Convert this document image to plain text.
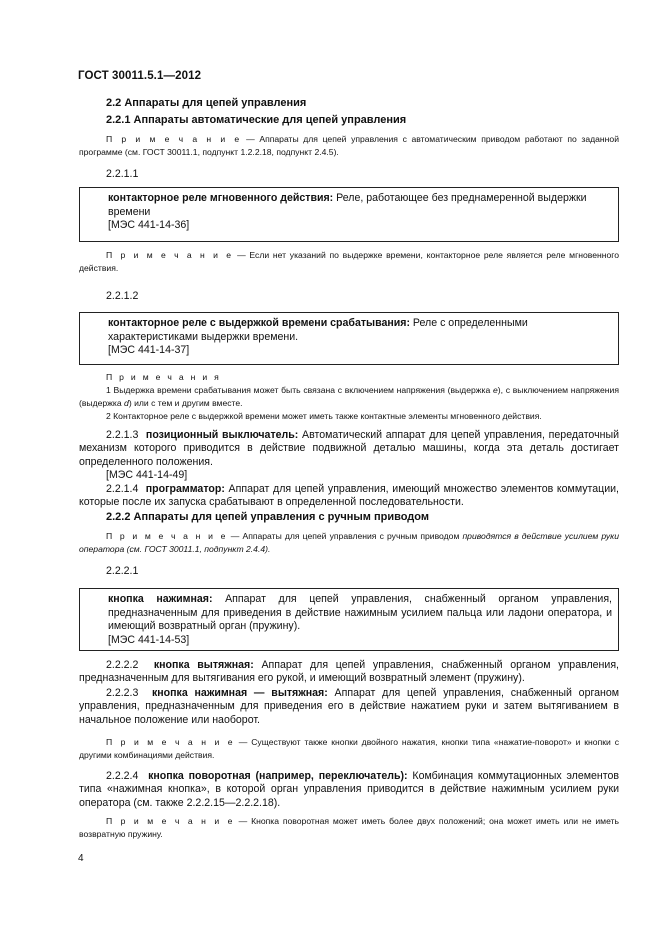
ГОСТ 30011.5.1—2012
2.2 Аппараты для цепей управления
2.2.1 Аппараты автоматические для цепей управления
П р и м е ч а н и е — Аппараты для цепей управления с автоматическим приводом работают по заданной программе (см. ГОСТ 30011.1, подпункт 1.2.2.18, подпункт 2.4.5).
2.2.1.1
контакторное реле мгновенного действия: Реле, работающее без преднамеренной выдержки времени
[МЭС 441-14-36]
П р и м е ч а н и е — Если нет указаний по выдержке времени, контакторное реле является реле мгновенного действия.
2.2.1.2
контакторное реле с выдержкой времени срабатывания: Реле с определенными характеристиками выдержки времени.
[МЭС 441-14-37]
П р и м е ч а н и я
1 Выдержка времени срабатывания может быть связана с включением напряжения (выдержка e), с выключением напряжения (выдержка d) или с тем и другим вместе.
2 Контакторное реле с выдержкой времени может иметь также контактные элементы мгновенного действия.
2.2.1.3 позиционный выключатель: Автоматический аппарат для цепей управления, передаточный механизм которого приводится в действие подвижной деталью машины, когда эта деталь достигает определенного положения.
[МЭС 441-14-49]
2.2.1.4 программатор: Аппарат для цепей управления, имеющий множество элементов коммутации, которые после их запуска срабатывают в определенной последовательности.
2.2.2 Аппараты для цепей управления с ручным приводом
П р и м е ч а н и е — Аппараты для цепей управления с ручным приводом приводятся в действие усилием руки оператора (см. ГОСТ 30011.1, подпункт 2.4.4).
2.2.2.1
кнопка нажимная: Аппарат для цепей управления, снабженный органом управления, предназначенным для приведения в действие нажимным усилием пальца или ладони оператора, и имеющий возвратный орган (пружину).
[МЭС 441-14-53]
2.2.2.2 кнопка вытяжная: Аппарат для цепей управления, снабженный органом управления, предназначенным для вытягивания его рукой, и имеющий возвратный элемент (пружину).
2.2.2.3 кнопка нажимная — вытяжная: Аппарат для цепей управления, снабженный органом управления, предназначенным для приведения его в действие нажатием руки и затем вытягиванием в начальное положение или наоборот.
П р и м е ч а н и е — Существуют также кнопки двойного нажатия, кнопки типа «нажатие-поворот» и кнопки с другими комбинациями действия.
2.2.2.4 кнопка поворотная (например, переключатель): Комбинация коммутационных элементов типа «нажимная кнопка», в которой орган управления приводится в действие нажимным усилием руки оператора (см. также 2.2.2.15—2.2.2.18).
П р и м е ч а н и е — Кнопка поворотная может иметь более двух положений; она может иметь или не иметь возвратную пружину.
4
